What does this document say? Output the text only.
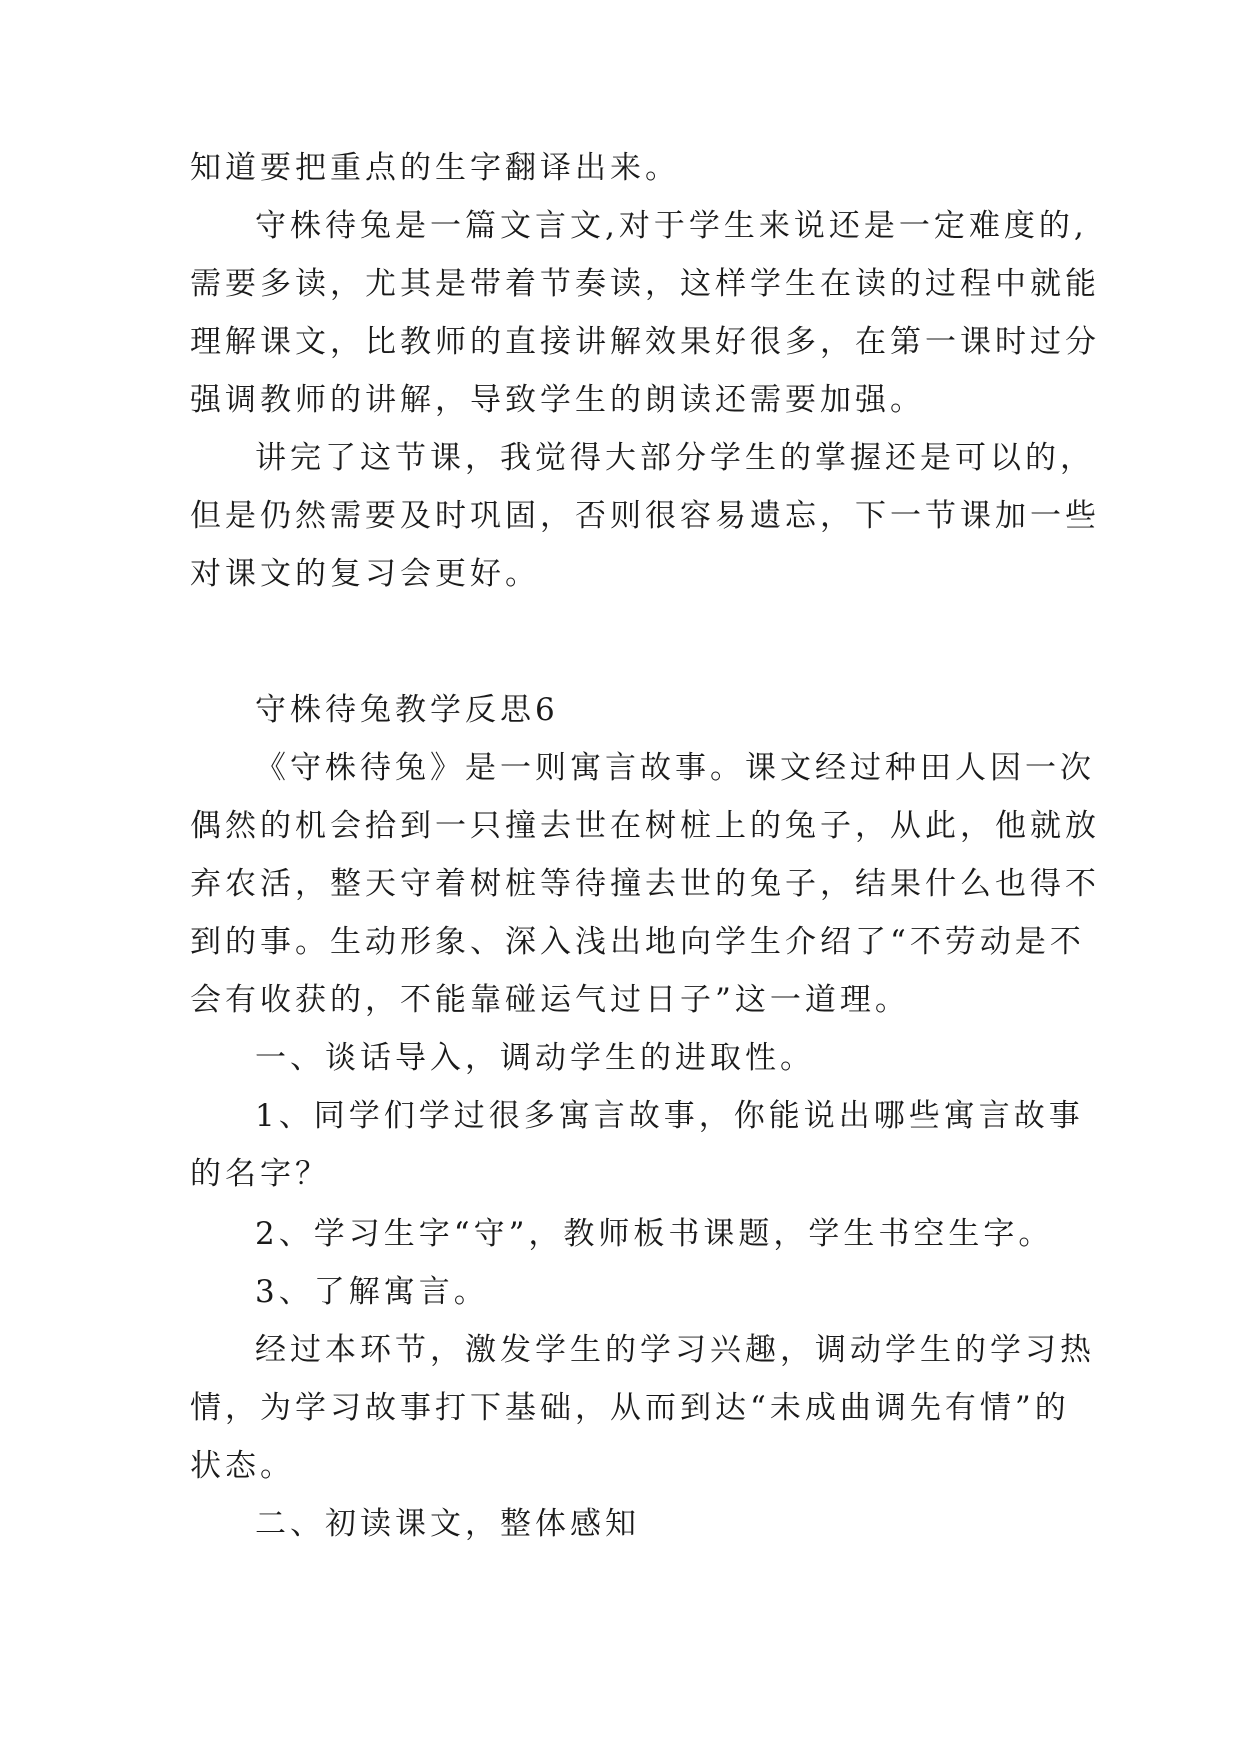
知道要把重点的生字翻译出来。
守株待兔是一篇文言文,对于学生来说还是一定难度的,
需要多读，尤其是带着节奏读，这样学生在读的过程中就能
理解课文，比教师的直接讲解效果好很多，在第一课时过分
强调教师的讲解，导致学生的朗读还需要加强。
讲完了这节课，我觉得大部分学生的掌握还是可以的，
但是仍然需要及时巩固，否则很容易遗忘，下一节课加一些
对课文的复习会更好。
守株待兔教学反思6
《守株待兔》是一则寓言故事。课文经过种田人因一次
偶然的机会拾到一只撞去世在树桩上的兔子，从此，他就放
弃农活，整天守着树桩等待撞去世的兔子，结果什么也得不
到的事。生动形象、深入浅出地向学生介绍了“不劳动是不
会有收获的，不能靠碰运气过日子”这一道理。
一、谈话导入，调动学生的进取性。
1、同学们学过很多寓言故事，你能说出哪些寓言故事
的名字？
2、学习生字“守”，教师板书课题，学生书空生字。
3、了解寓言。
经过本环节，激发学生的学习兴趣，调动学生的学习热
情，为学习故事打下基础，从而到达“未成曲调先有情”的
状态。
二、初读课文，整体感知
